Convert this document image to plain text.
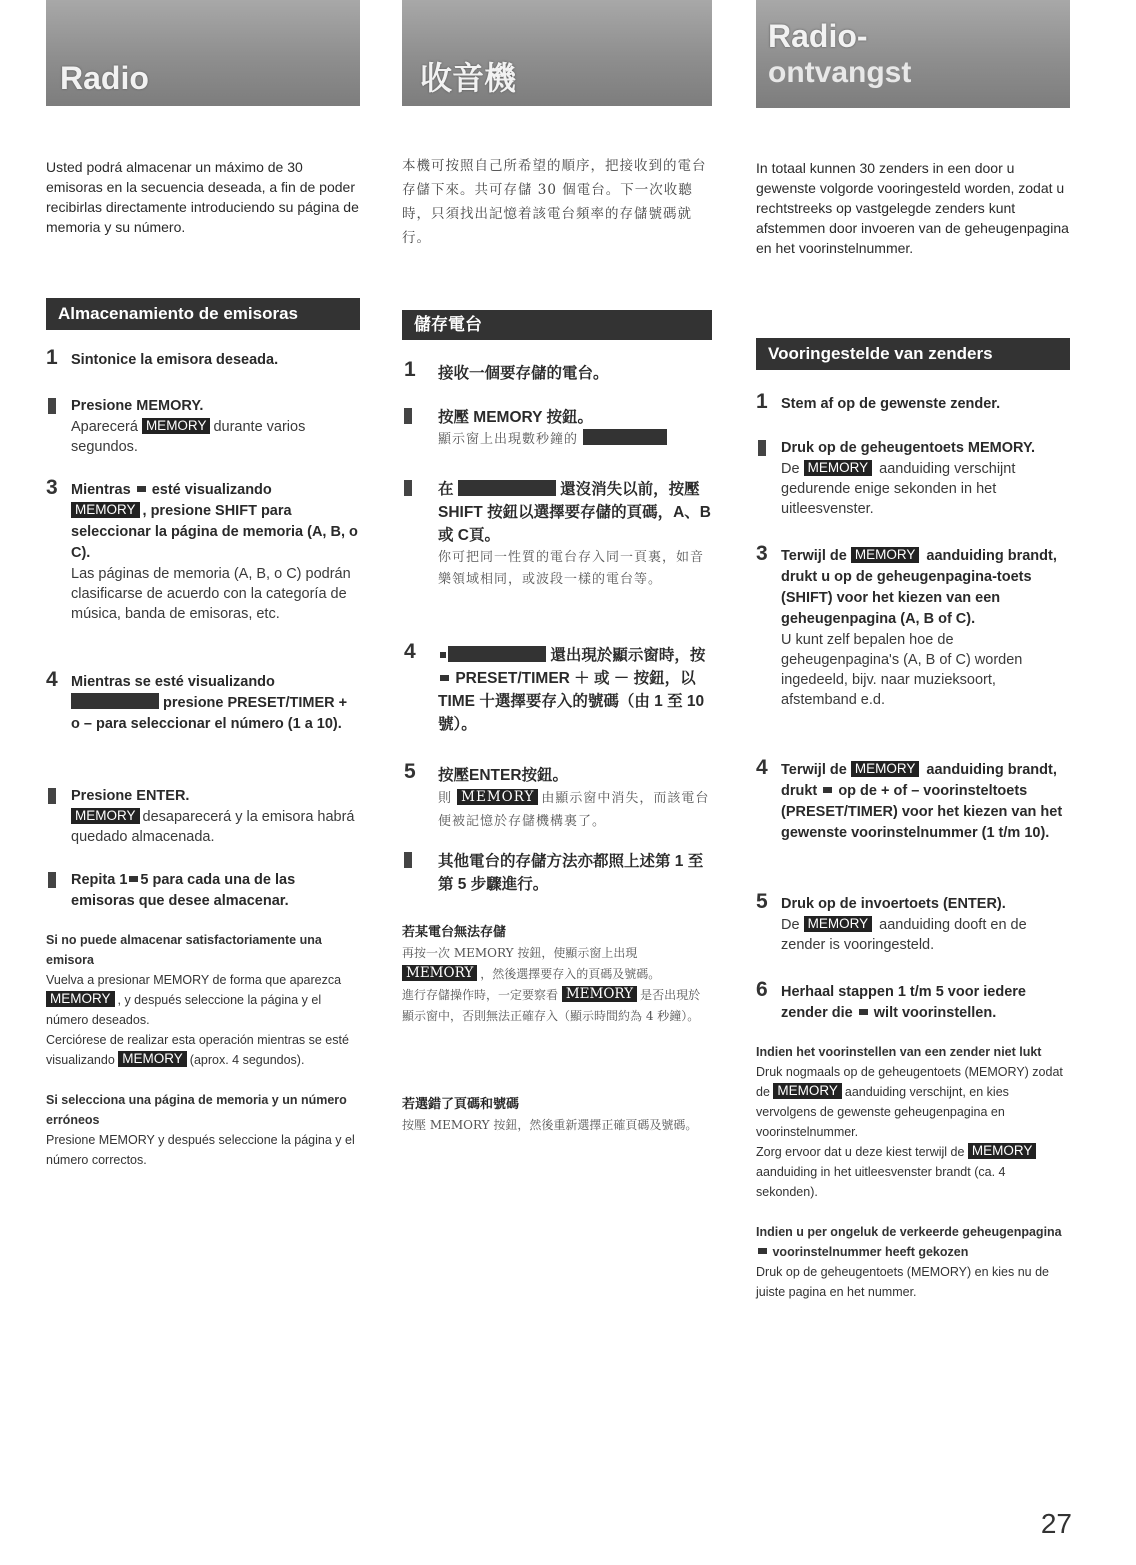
Radio
Usted podrá almacenar un máximo de 30 emisoras en la secuencia deseada, a fin de poder recibirlas directamente introduciendo su página de memoria y su número.
Almacenamiento de emisoras
1 Sintonice la emisora deseada.
Presione MEMORY.
Aparecerá MEMORY durante varios segundos.
3 Mientras esté visualizando
MEMORY , presione SHIFT para seleccionar la página de memoria (A, B, o C).
Las páginas de memoria (A, B, o C) podrán clasificarse de acuerdo con la categoría de música, banda de emisoras, etc.
4 Mientras se esté visualizando
presione PRESET/TIMER + o – para seleccionar el número (1 a 10).
Presione ENTER.
MEMORY desaparecerá y la emisora habrá quedado almacenada.
Repita 1 5 para cada una de las emisoras que desee almacenar.
Si no puede almacenar satisfactoriamente una emisora
Vuelva a presionar MEMORY de forma que aparezca MEMORY , y después seleccione la página y el número deseados.
Cerciórese de realizar esta operación mientras se esté visualizando MEMORY (aprox. 4 segundos).
Si selecciona una página de memoria y un número erróneos
Presione MEMORY y después seleccione la página y el número correctos.
收音機
本機可按照自己所希望的順序，把接收到的電台存儲下來。共可存儲 30 個電台。下一次收聽時，只須找出記憶着該電台頻率的存儲號碼就行。
儲存電台
1 接收一個要存儲的電台。
按壓 MEMORY 按鈕。
顯示窗上出現數秒鐘的
在	還沒消失以前，按壓 SHIFT 按鈕以選擇要存儲的頁碼，A、B 或 C頁。
你可把同一性質的電台存入同一頁裏，如音樂領域相同，或波段一樣的電台等。
4	還出現於顯示窗時，按 PRESET/TIMER ＋ 或 － 按鈕，以TIME 十選擇要存入的號碼（由 1 至 10 號）。
5 按壓ENTER按鈕。
則 MEMORY 由顯示窗中消失，而該電台便被記憶於存儲機構裏了。
其他電台的存儲方法亦都照上述第 1 至第 5 步驟進行。
若某電台無法存儲
再按一次 MEMORY 按鈕，使顯示窗上出現 MEMORY ，然後選擇要存入的頁碼及號碼。
進行存儲操作時，一定要察看 MEMORY 是否出現於顯示窗中，否則無法正確存入（顯示時間約為 4 秒鐘）。
若選錯了頁碼和號碼
按壓 MEMORY 按鈕，然後重新選擇正確頁碼及號碼。
Radio-
ontvangst
In totaal kunnen 30 zenders in een door u gewenste volgorde vooringesteld worden, zodat u rechtstreeks op vastgelegde zenders kunt afstemmen door invoeren van de geheugenpagina en het voorinstelnummer.
Vooringestelde van zenders
1 Stem af op de gewenste zender.
Druk op de geheugentoets MEMORY.
De MEMORY aanduiding verschijnt gedurende enige sekonden in het uitleesvenster.
3 Terwijl de MEMORY aanduiding brandt, drukt u op de geheugenpagina-toets (SHIFT) voor het kiezen van een geheugenpagina (A, B of C).
U kunt zelf bepalen hoe de geheugenpagina's (A, B of C) worden ingedeeld, bijv. naar muzieksoort, afstemband e.d.
4 Terwijl de MEMORY aanduiding brandt, drukt op de + of – voorinsteltoets (PRESET/TIMER) voor het kiezen van het gewenste voorinstelnummer (1 t/m 10).
5 Druk op de invoertoets (ENTER).
De MEMORY aanduiding dooft en de zender is vooringesteld.
6 Herhaal stappen 1 t/m 5 voor iedere zender die wilt voorinstellen.
Indien het voorinstellen van een zender niet lukt
Druk nogmaals op de geheugentoets (MEMORY) zodat de MEMORY aanduiding verschijnt, en kies vervolgens de gewenste geheugenpagina en voorinstelnummer.
Zorg ervoor dat u deze kiest terwijl de MEMORYaanduiding in het uitleesvenster brandt (ca. 4 sekonden).
Indien u per ongeluk de verkeerde geheugenpagina  voorinstelnummer heeft gekozen
Druk op de geheugentoets (MEMORY) en kies nu de juiste pagina en het nummer.
27
